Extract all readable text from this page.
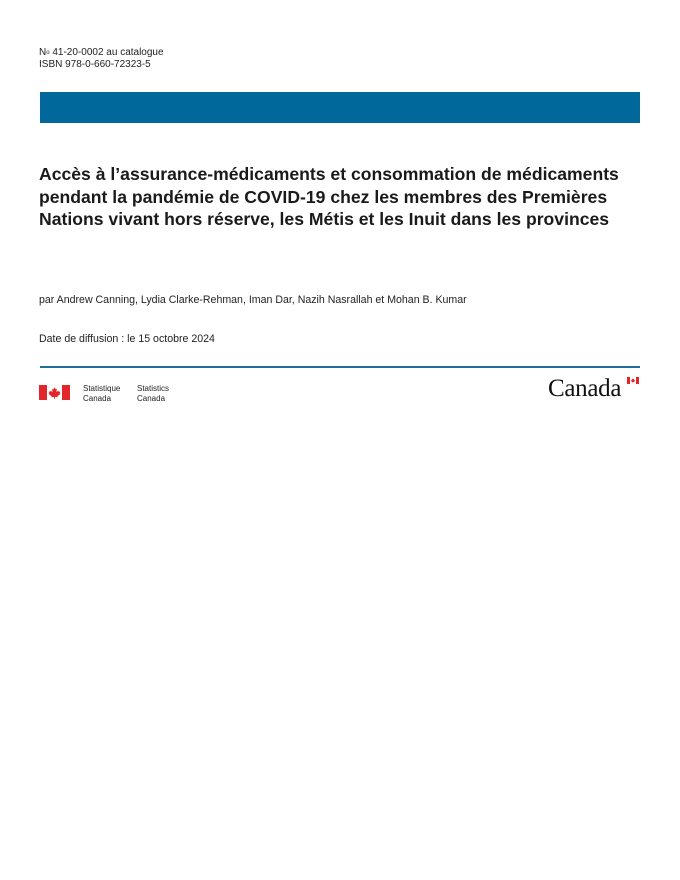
$N^o$ 41-20-0002 au catalogue
ISBN 978-0-660-72323-5
Accès à l’assurance-médicaments et consommation de médicaments pendant la pandémie de COVID-19 chez les membres des Premières Nations vivant hors réserve, les Métis et les Inuit dans les provinces
par Andrew Canning, Lydia Clarke-Rehman, Iman Dar, Nazih Nasrallah et Mohan B. Kumar
Date de diffusion : le 15 octobre 2024
Statistique
Canada
Statistics
Canada	Canada
